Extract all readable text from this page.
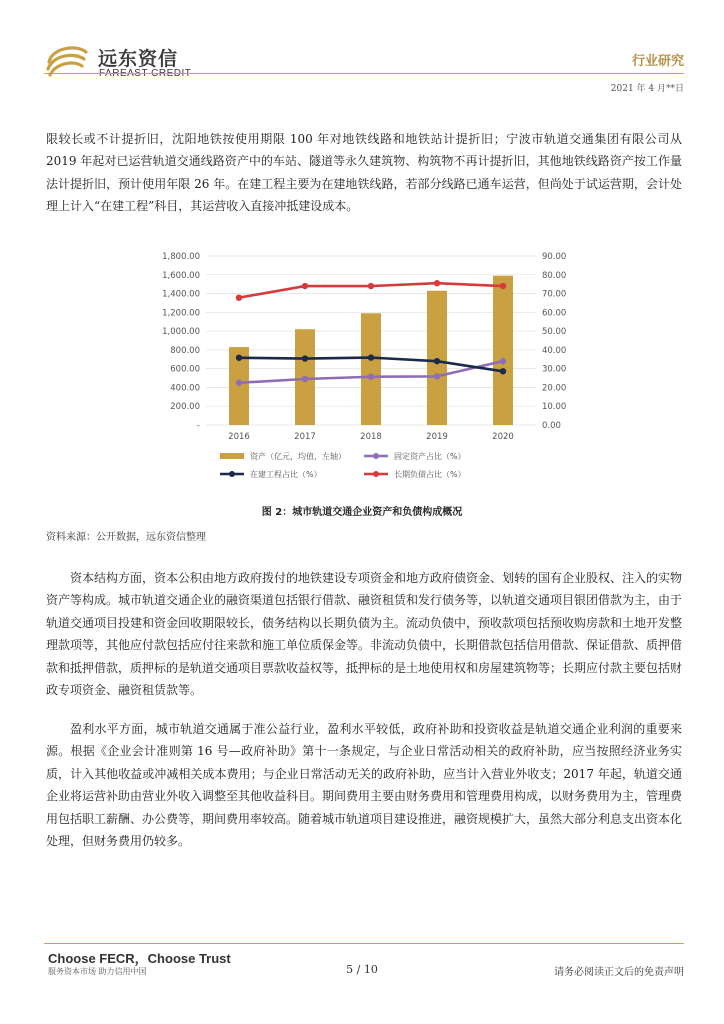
远东资信	行业研究
2021 年 4 月**日

限较长或不计提折旧，沈阳地铁按使用期限 100 年对地铁线路和地铁站计提折旧；宁波市轨道交通集团有限公司从 2019 年起对已运营轨道交通线路资产中的车站、隧道等永久建筑物、构筑物不再计提折旧，其他地铁线路资产按工作量法计提折旧，预计使用年限 26 年。在建工程主要为在建地铁线路，若部分线路已通车运营，但尚处于试运营期，会计处理上计入“在建工程”科目，其运营收入直接冲抵建设成本。

-	0.00
200.00	10.00
400.00	20.00
600.00	30.00
800.00	40.00
1,000.00	50.00
1,200.00	60.00
1,400.00	70.00
1,600.00	80.00
1,800.00	90.00
2016	2017	2018	2019	2020
资产（亿元，均值，左轴）	固定资产占比（%）
在建工程占比（%）	长期负债占比（%）
图 2：城市轨道交通企业资产和负债构成概况
资料来源：公开数据，远东资信整理

资本结构方面，资本公积由地方政府拨付的地铁建设专项资金和地方政府债资金、划转的国有企业股权、注入的实物资产等构成。城市轨道交通企业的融资渠道包括银行借款、融资租赁和发行债务等，以轨道交通项目银团借款为主，由于轨道交通项目投建和资金回收期限较长，债务结构以长期负债为主。流动负债中，预收款项包括预收购房款和土地开发整理款项等，其他应付款包括应付往来款和施工单位质保金等。非流动负债中，长期借款包括信用借款、保证借款、质押借款和抵押借款，质押标的是轨道交通项目票款收益权等，抵押标的是土地使用权和房屋建筑物等；长期应付款主要包括财政专项资金、融资租赁款等。

盈利水平方面，城市轨道交通属于准公益行业，盈利水平较低，政府补助和投资收益是轨道交通企业利润的重要来源。根据《企业会计准则第 16 号—政府补助》第十一条规定，与企业日常活动相关的政府补助，应当按照经济业务实质，计入其他收益或冲减相关成本费用；与企业日常活动无关的政府补助，应当计入营业外收支；2017 年起，轨道交通企业将运营补助由营业外收入调整至其他收益科目。期间费用主要由财务费用和管理费用构成，以财务费用为主，管理费用包括职工薪酬、办公费等，期间费用率较高。随着城市轨道项目建设推进，融资规模扩大，虽然大部分利息支出资本化处理，但财务费用仍较多。

Choose FECR，Choose Trust
服务资本市场 助力信用中国	5 / 10	请务必阅读正文后的免责声明
